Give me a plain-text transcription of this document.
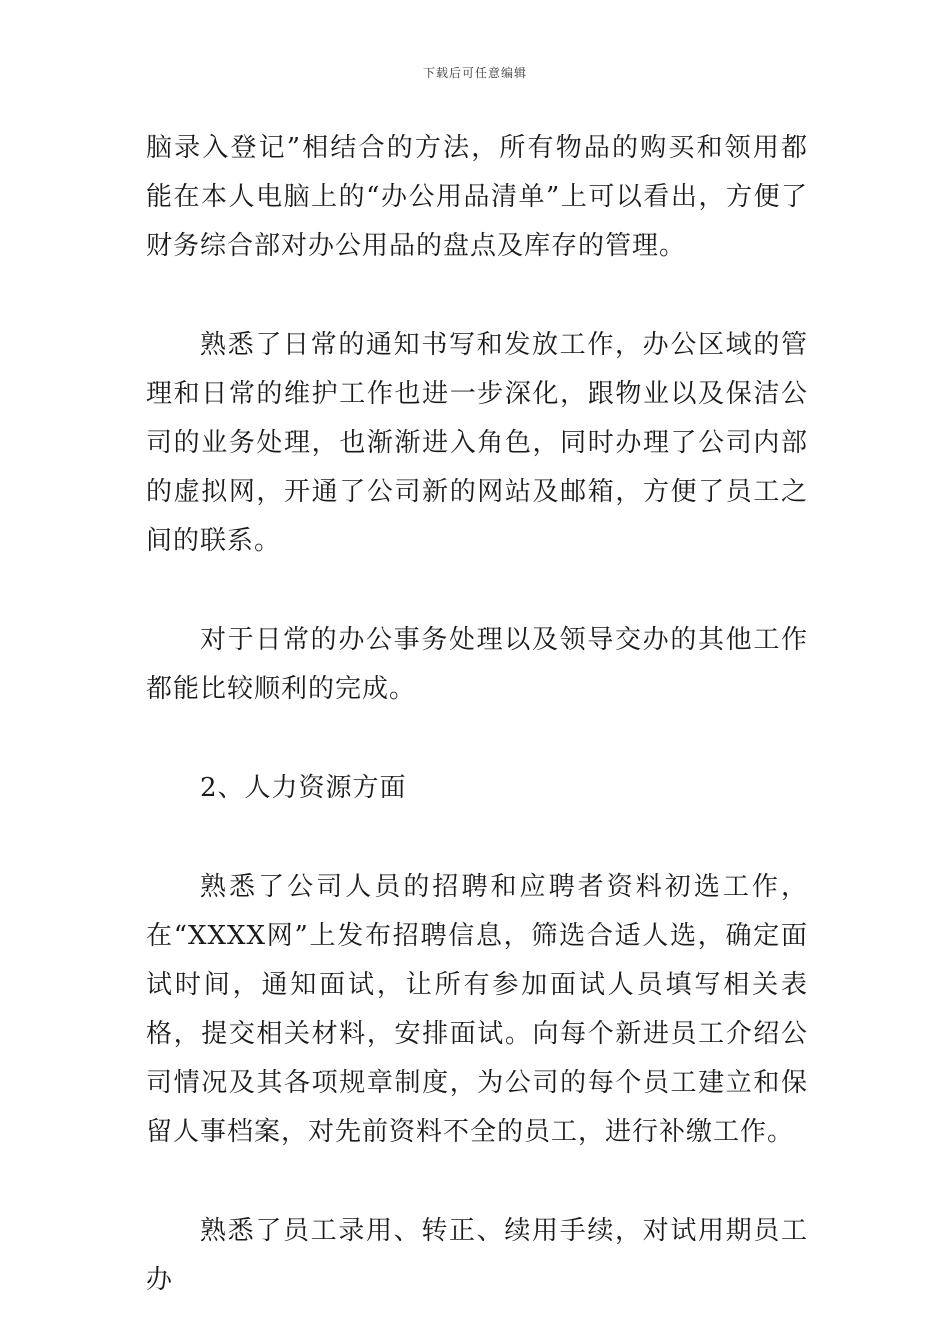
下载后可任意编辑

脑录入登记”相结合的方法，所有物品的购买和领用都能在本人电脑上的“办公用品清单”上可以看出，方便了财务综合部对办公用品的盘点及库存的管理。

熟悉了日常的通知书写和发放工作，办公区域的管理和日常的维护工作也进一步深化，跟物业以及保洁公司的业务处理，也渐渐进入角色，同时办理了公司内部的虚拟网，开通了公司新的网站及邮箱，方便了员工之间的联系。

对于日常的办公事务处理以及领导交办的其他工作都能比较顺利的完成。

2、人力资源方面

熟悉了公司人员的招聘和应聘者资料初选工作，在“XXXX网”上发布招聘信息，筛选合适人选，确定面试时间，通知面试，让所有参加面试人员填写相关表格，提交相关材料，安排面试。向每个新进员工介绍公司情况及其各项规章制度，为公司的每个员工建立和保留人事档案，对先前资料不全的员工，进行补缴工作。

熟悉了员工录用、转正、续用手续，对试用期员工办
